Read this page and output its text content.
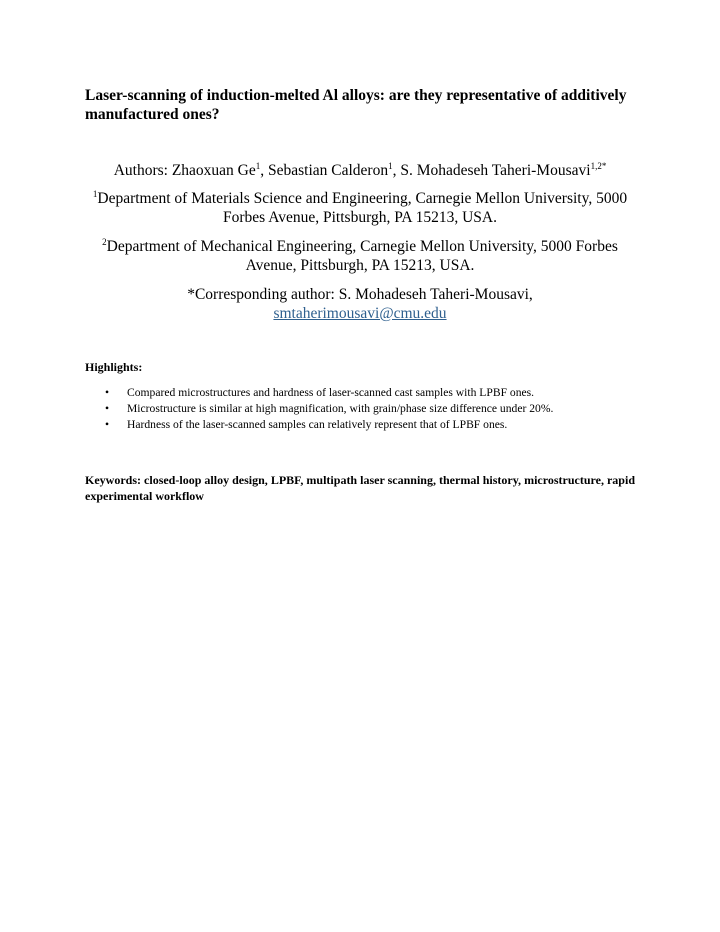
Laser-scanning of induction-melted Al alloys: are they representative of additively manufactured ones?
Authors: Zhaoxuan Ge$^1$, Sebastian Calderon$^1$, S. Mohadeseh Taheri-Mousavi$^{1,2*}$
$^1$Department of Materials Science and Engineering, Carnegie Mellon University, 5000 Forbes Avenue, Pittsburgh, PA 15213, USA.
$^2$Department of Mechanical Engineering, Carnegie Mellon University, 5000 Forbes Avenue, Pittsburgh, PA 15213, USA.
*Corresponding author: S. Mohadeseh Taheri-Mousavi,
smtaherimousavi@cmu.edu
Highlights:
• Compared microstructures and hardness of laser-scanned cast samples with LPBF ones.
• Microstructure is similar at high magnification, with grain/phase size difference under 20%.
• Hardness of the laser-scanned samples can relatively represent that of LPBF ones.
Keywords: closed-loop alloy design, LPBF, multipath laser scanning, thermal history, microstructure, rapid experimental workflow
